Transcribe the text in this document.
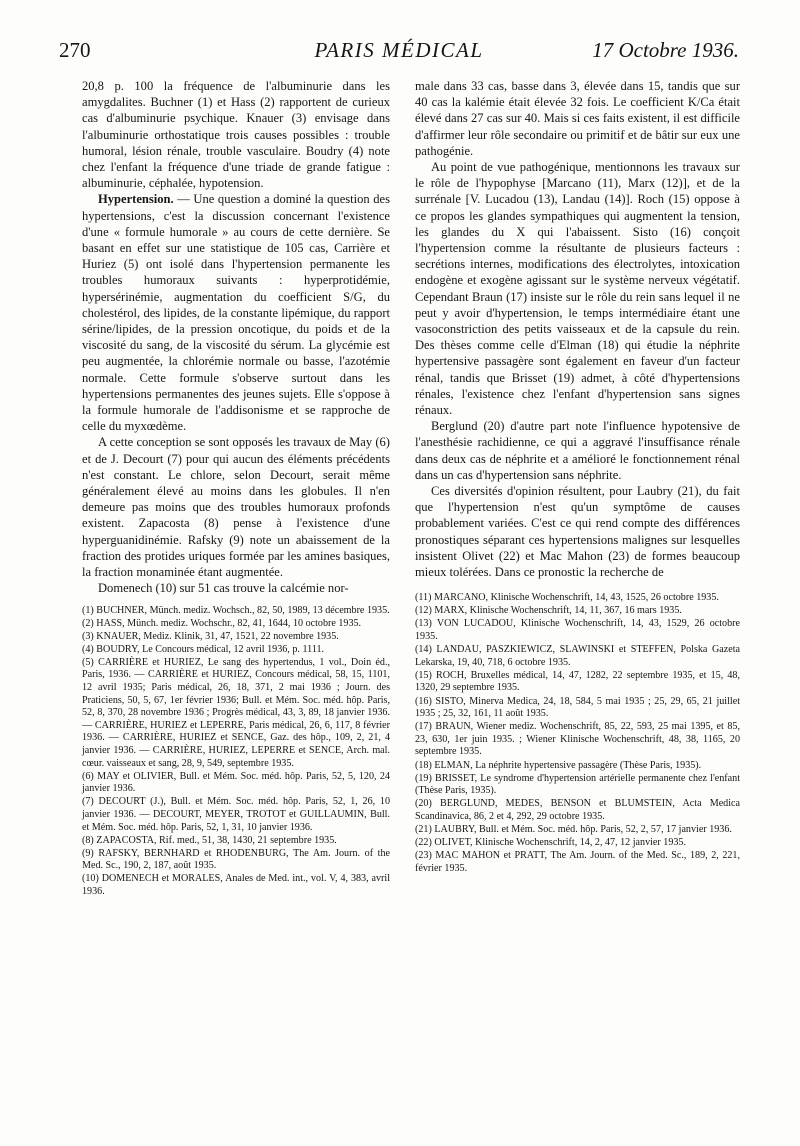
270	PARIS MÉDICAL	17 Octobre 1936.

20,8 p. 100 la fréquence de l'albuminurie dans les amygdalites. Buchner (1) et Hass (2) rapportent de curieux cas d'albuminurie psychique. Knauer (3) envisage dans l'albuminurie orthostatique trois causes possibles : trouble humoral, lésion rénale, trouble vasculaire. Boudry (4) note chez l'enfant la fréquence d'une triade de grande fatigue : albuminurie, céphalée, hypotension.

Hypertension. — Une question a dominé la question des hypertensions, c'est la discussion concernant l'existence d'une « formule humorale » au cours de cette dernière. Se basant en effet sur une statistique de 105 cas, Carrière et Huriez (5) ont isolé dans l'hypertension permanente les troubles humoraux suivants : hyperprotidémie, hypersérinémie, augmentation du coefficient S/G, du cholestérol, des lipides, de la constante lipémique, du rapport sérine/lipides, de la pression oncotique, du poids et de la viscosité du sang, de la viscosité du sérum. La glycémie est peu augmentée, la chlorémie normale ou basse, l'azotémie normale. Cette formule s'observe surtout dans les hypertensions permanentes des jeunes sujets. Elle s'oppose à la formule humorale de l'addisonisme et se rapproche de celle du myxœdème.

A cette conception se sont opposés les travaux de May (6) et de J. Decourt (7) pour qui aucun des éléments précédents n'est constant. Le chlore, selon Decourt, serait même généralement élevé au moins dans les globules. Il n'en demeure pas moins que des troubles humoraux profonds existent. Zapacosta (8) pense à l'existence d'une hyperguanidinémie. Rafsky (9) note un abaissement de la fraction des protides uriques formée par les amines basiques, la fraction monaminée étant augmentée.

Domenech (10) sur 51 cas trouve la calcémie nor-

(1) BUCHNER, Münch. mediz. Wochsch., 82, 50, 1989, 13 décembre 1935.

(2) HASS, Münch. mediz. Wochschr., 82, 41, 1644, 10 octobre 1935.

(3) KNAUER, Mediz. Klinik, 31, 47, 1521, 22 novembre 1935.

(4) BOUDRY, Le Concours médical, 12 avril 1936, p. 1111.

(5) CARRIÈRE et HURIEZ, Le sang des hypertendus, 1 vol., Doin éd., Paris, 1936. — CARRIÈRE et HURIEZ, Concours médical, 58, 15, 1101, 12 avril 1935; Paris médical, 26, 18, 371, 2 mai 1936 ; Journ. des Praticiens, 50, 5, 67, 1er février 1936; Bull. et Mém. Soc. méd. hôp. Paris, 52, 8, 370, 28 novembre 1936 ; Progrès médical, 43, 3, 89, 18 janvier 1936. — CARRIÈRE, HURIEZ et LEPERRE, Paris médical, 26, 6, 117, 8 février 1936. — CARRIÈRE, HURIEZ et SENCE, Gaz. des hôp., 109, 2, 21, 4 janvier 1936. — CARRIÈRE, HURIEZ, LEPERRE et SENCE, Arch. mal. cœur. vaisseaux et sang, 28, 9, 549, septembre 1935.

(6) MAY et OLIVIER, Bull. et Mém. Soc. méd. hôp. Paris, 52, 5, 120, 24 janvier 1936.

(7) DECOURT (J.), Bull. et Mém. Soc. méd. hôp. Paris, 52, 1, 26, 10 janvier 1936. — DECOURT, MEYER, TROTOT et GUILLAUMIN, Bull. et Mém. Soc. méd. hôp. Paris, 52, 1, 31, 10 janvier 1936.

(8) ZAPACOSTA, Rif. med., 51, 38, 1430, 21 septembre 1935.

(9) RAFSKY, BERNHARD et RHODENBURG, The Am. Journ. of the Med. Sc., 190, 2, 187, août 1935.

(10) DOMENECH et MORALES, Anales de Med. int., vol. V, 4, 383, avril 1936.

male dans 33 cas, basse dans 3, élevée dans 15, tandis que sur 40 cas la kalémie était élevée 32 fois. Le coefficient K/Ca était élevé dans 27 cas sur 40. Mais si ces faits existent, il est difficile d'affirmer leur rôle secondaire ou primitif et de bâtir sur eux une pathogénie.

Au point de vue pathogénique, mentionnons les travaux sur le rôle de l'hypophyse [Marcano (11), Marx (12)], et de la surrénale [V. Lucadou (13), Landau (14)]. Roch (15) oppose à ce propos les glandes sympathiques qui augmentent la tension, les glandes du X qui l'abaissent. Sisto (16) conçoit l'hypertension comme la résultante de plusieurs facteurs : secrétions internes, modifications des électrolytes, intoxication endogène et exogène agissant sur le système nerveux végétatif. Cependant Braun (17) insiste sur le rôle du rein sans lequel il ne peut y avoir d'hypertension, le temps intermédiaire étant une vasoconstriction des petits vaisseaux et de la capsule du rein. Des thèses comme celle d'Elman (18) qui étudie la néphrite hypertensive passagère sont également en faveur d'un facteur rénal, tandis que Brisset (19) admet, à côté d'hypertensions rénales, l'existence chez l'enfant d'hypertension sans signes rénaux.

Berglund (20) d'autre part note l'influence hypotensive de l'anesthésie rachidienne, ce qui a aggravé l'insuffisance rénale dans deux cas de néphrite et a amélioré le fonctionnement rénal dans un cas d'hypertension sans néphrite.

Ces diversités d'opinion résultent, pour Laubry (21), du fait que l'hypertension n'est qu'un symptôme de causes probablement variées. C'est ce qui rend compte des différences pronostiques séparant ces hypertensions malignes sur lesquelles insistent Olivet (22) et Mac Mahon (23) de formes beaucoup mieux tolérées. Dans ce pronostic la recherche de

(11) MARCANO, Klinische Wochenschrift, 14, 43, 1525, 26 octobre 1935.

(12) MARX, Klinische Wochenschrift, 14, 11, 367, 16 mars 1935.

(13) VON LUCADOU, Klinische Wochenschrift, 14, 43, 1529, 26 octobre 1935.

(14) LANDAU, PASZKIEWICZ, SLAWINSKI et STEFFEN, Polska Gazeta Lekarska, 19, 40, 718, 6 octobre 1935.

(15) ROCH, Bruxelles médical, 14, 47, 1282, 22 septembre 1935, et 15, 48, 1320, 29 septembre 1935.

(16) SISTO, Minerva Medica, 24, 18, 584, 5 mai 1935 ; 25, 29, 65, 21 juillet 1935 ; 25, 32, 161, 11 août 1935.

(17) BRAUN, Wiener mediz. Wochenschrift, 85, 22, 593, 25 mai 1395, et 85, 23, 630, 1er juin 1935. ; Wiener Klinische Wochenschrift, 48, 38, 1165, 20 septembre 1935.

(18) ELMAN, La néphrite hypertensive passagère (Thèse Paris, 1935).

(19) BRISSET, Le syndrome d'hypertension artérielle permanente chez l'enfant (Thèse Paris, 1935).

(20) BERGLUND, MEDES, BENSON et BLUMSTEIN, Acta Medica Scandinavica, 86, 2 et 4, 292, 29 octobre 1935.

(21) LAUBRY, Bull. et Mém. Soc. méd. hôp. Paris, 52, 2, 57, 17 janvier 1936.

(22) OLIVET, Klinische Wochenschrift, 14, 2, 47, 12 janvier 1935.

(23) MAC MAHON et PRATT, The Am. Journ. of the Med. Sc., 189, 2, 221, février 1935.
